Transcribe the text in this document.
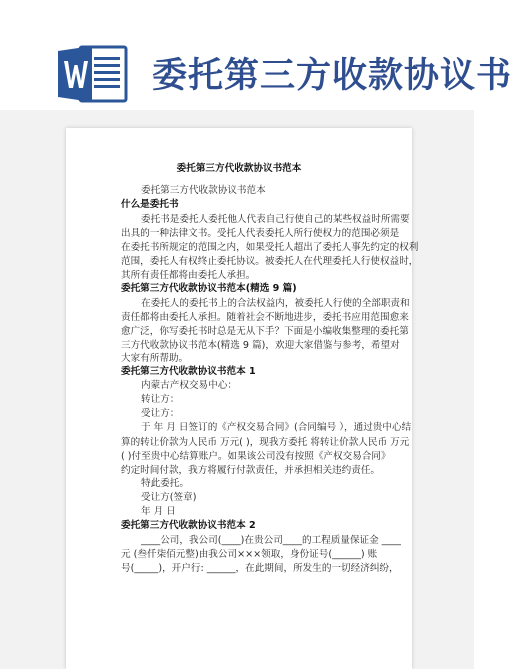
委托第三方收款协议书
委托第三方代收款协议书范本
委托第三方代收款协议书范本
什么是委托书
委托书是委托人委托他人代表自己行使自己的某些权益时所需要
出具的一种法律文书。受托人代表委托人所行使权力的范围必须是
在委托书所规定的范围之内，如果受托人超出了委托人事先约定的权利
范围，委托人有权终止委托协议。被委托人在代理委托人行使权益时，
其所有责任都将由委托人承担。
委托第三方代收款协议书范本(精选 9 篇)
在委托人的委托书上的合法权益内，被委托人行使的全部职责和
责任都将由委托人承担。随着社会不断地进步，委托书应用范围愈来
愈广泛，你写委托书时总是无从下手？下面是小编收集整理的委托第
三方代收款协议书范本(精选 9 篇)，欢迎大家借鉴与参考，希望对
大家有所帮助。
委托第三方代收款协议书范本 1
内蒙古产权交易中心：
转让方：
受让方：
于 年 月 日签订的《产权交易合同》(合同编号 ），通过贵中心结
算的转让价款为人民币 万元( )，现我方委托 将转让价款人民币 万元
( )付至贵中心结算账户。如果该公司没有按照《产权交易合同》
约定时间付款，我方将履行付款责任，并承担相关违约责任。
特此委托。
受让方(签章)
年 月 日
委托第三方代收款协议书范本 2
____公司，我公司(____)在贵公司____的工程质量保证金 ____
元 (叁仟柒佰元整)由我公司×××领取，身份证号(______) 账
号(_____)，开户行: ______，在此期间，所发生的一切经济纠纷，
